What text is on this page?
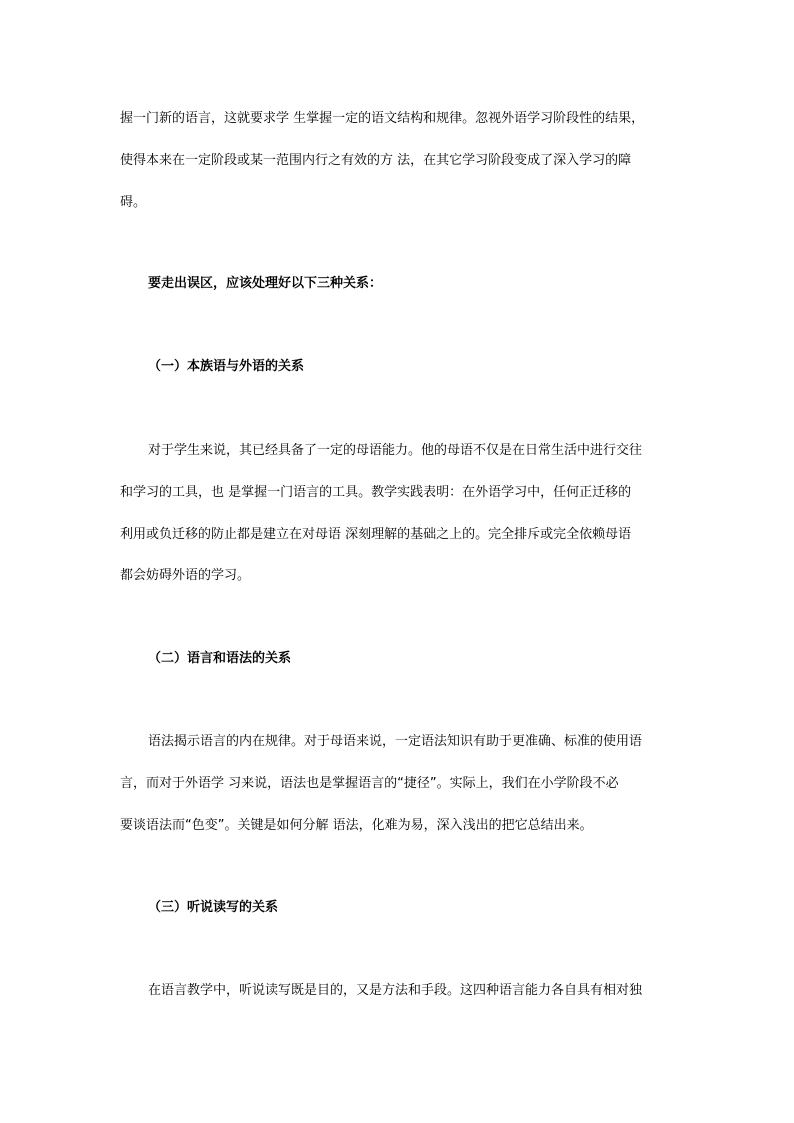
握一门新的语言，这就要求学 生掌握一定的语文结构和规律。忽视外语学习阶段性的结果，
使得本来在一定阶段或某一范围内行之有效的方 法，在其它学习阶段变成了深入学习的障
碍。
要走出误区，应该处理好以下三种关系：
（一）本族语与外语的关系
对于学生来说，其已经具备了一定的母语能力。他的母语不仅是在日常生活中进行交往
和学习的工具，也 是掌握一门语言的工具。教学实践表明：在外语学习中，任何正迁移的
利用或负迁移的防止都是建立在对母语 深刻理解的基础之上的。完全排斥或完全依赖母语
都会妨碍外语的学习。
（二）语言和语法的关系
语法揭示语言的内在规律。对于母语来说，一定语法知识有助于更准确、标准的使用语
言，而对于外语学 习来说，语法也是掌握语言的“捷径”。实际上，我们在小学阶段不必
要谈语法而“色变”。关键是如何分解 语法，化难为易，深入浅出的把它总结出来。
（三）听说读写的关系
在语言教学中，听说读写既是目的，又是方法和手段。这四种语言能力各自具有相对独
